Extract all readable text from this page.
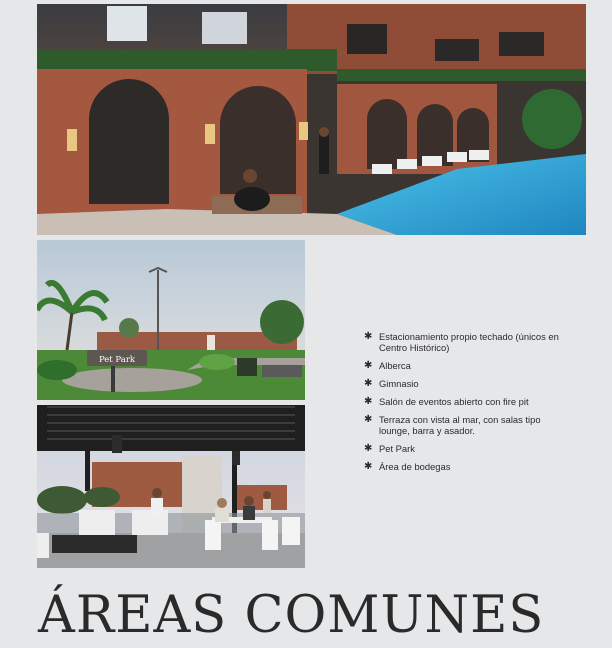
Pet Park
✱ Estacionamiento propio techado (únicos en Centro Histórico)
✱ Alberca
✱ Gimnasio
✱ Salón de eventos abierto con fire pit
✱ Terraza con vista al mar, con salas tipo lounge, barra y asador.
✱ Pet Park
✱ Área de bodegas
ÁREAS COMUNES
